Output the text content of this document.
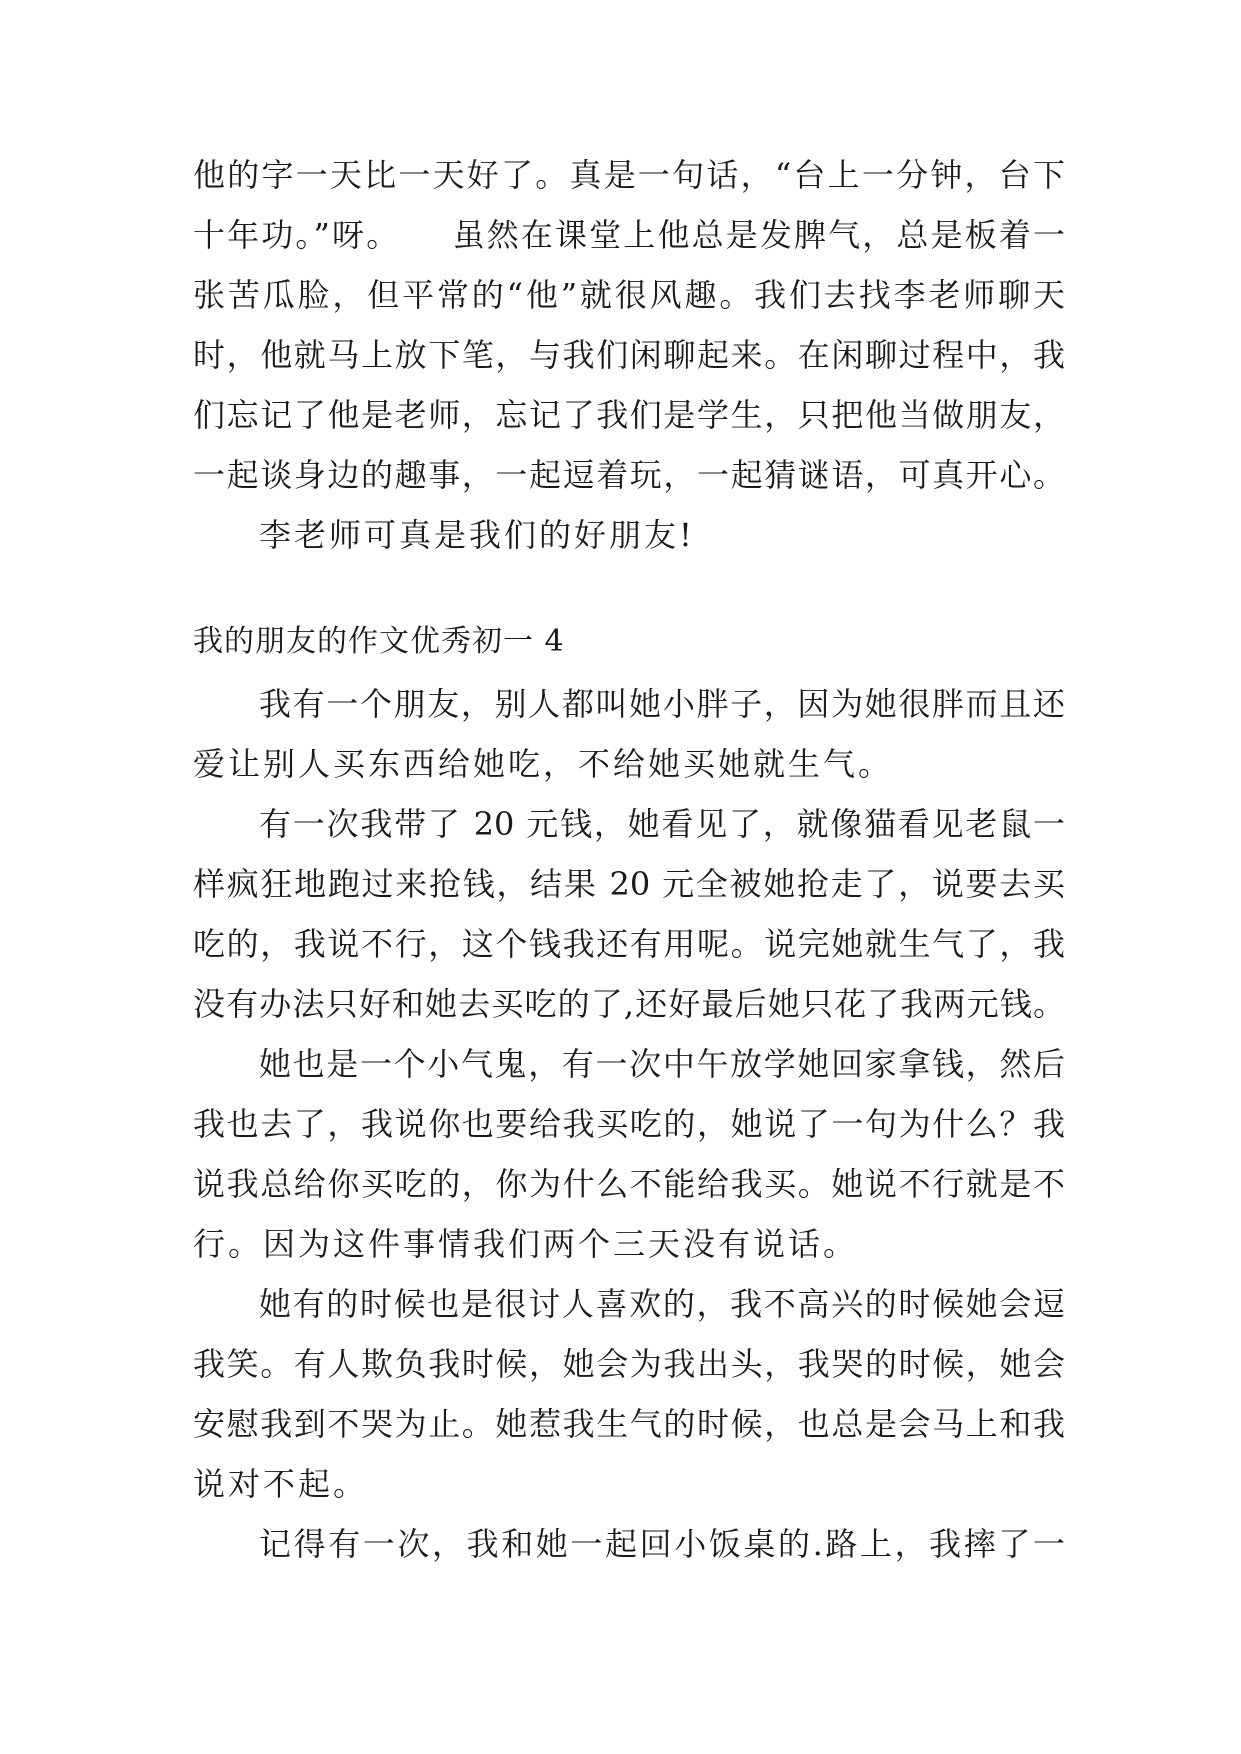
他的字一天比一天好了。真是一句话，“台上一分钟，台下
十年功。”呀。　　虽然在课堂上他总是发脾气，总是板着一
张苦瓜脸，但平常的“他”就很风趣。我们去找李老师聊天
时，他就马上放下笔，与我们闲聊起来。在闲聊过程中，我
们忘记了他是老师，忘记了我们是学生，只把他当做朋友，
一起谈身边的趣事，一起逗着玩，一起猜谜语，可真开心。
李老师可真是我们的好朋友!
我的朋友的作文优秀初一 4
我有一个朋友，别人都叫她小胖子，因为她很胖而且还
爱让别人买东西给她吃，不给她买她就生气。
有一次我带了 20 元钱，她看见了，就像猫看见老鼠一
样疯狂地跑过来抢钱，结果 20 元全被她抢走了，说要去买
吃的，我说不行，这个钱我还有用呢。说完她就生气了，我
没有办法只好和她去买吃的了,还好最后她只花了我两元钱。
她也是一个小气鬼，有一次中午放学她回家拿钱，然后
我也去了，我说你也要给我买吃的，她说了一句为什么？我
说我总给你买吃的，你为什么不能给我买。她说不行就是不
行。因为这件事情我们两个三天没有说话。
她有的时候也是很讨人喜欢的，我不高兴的时候她会逗
我笑。有人欺负我时候，她会为我出头，我哭的时候，她会
安慰我到不哭为止。她惹我生气的时候，也总是会马上和我
说对不起。
记得有一次，我和她一起回小饭桌的.路上，我摔了一
